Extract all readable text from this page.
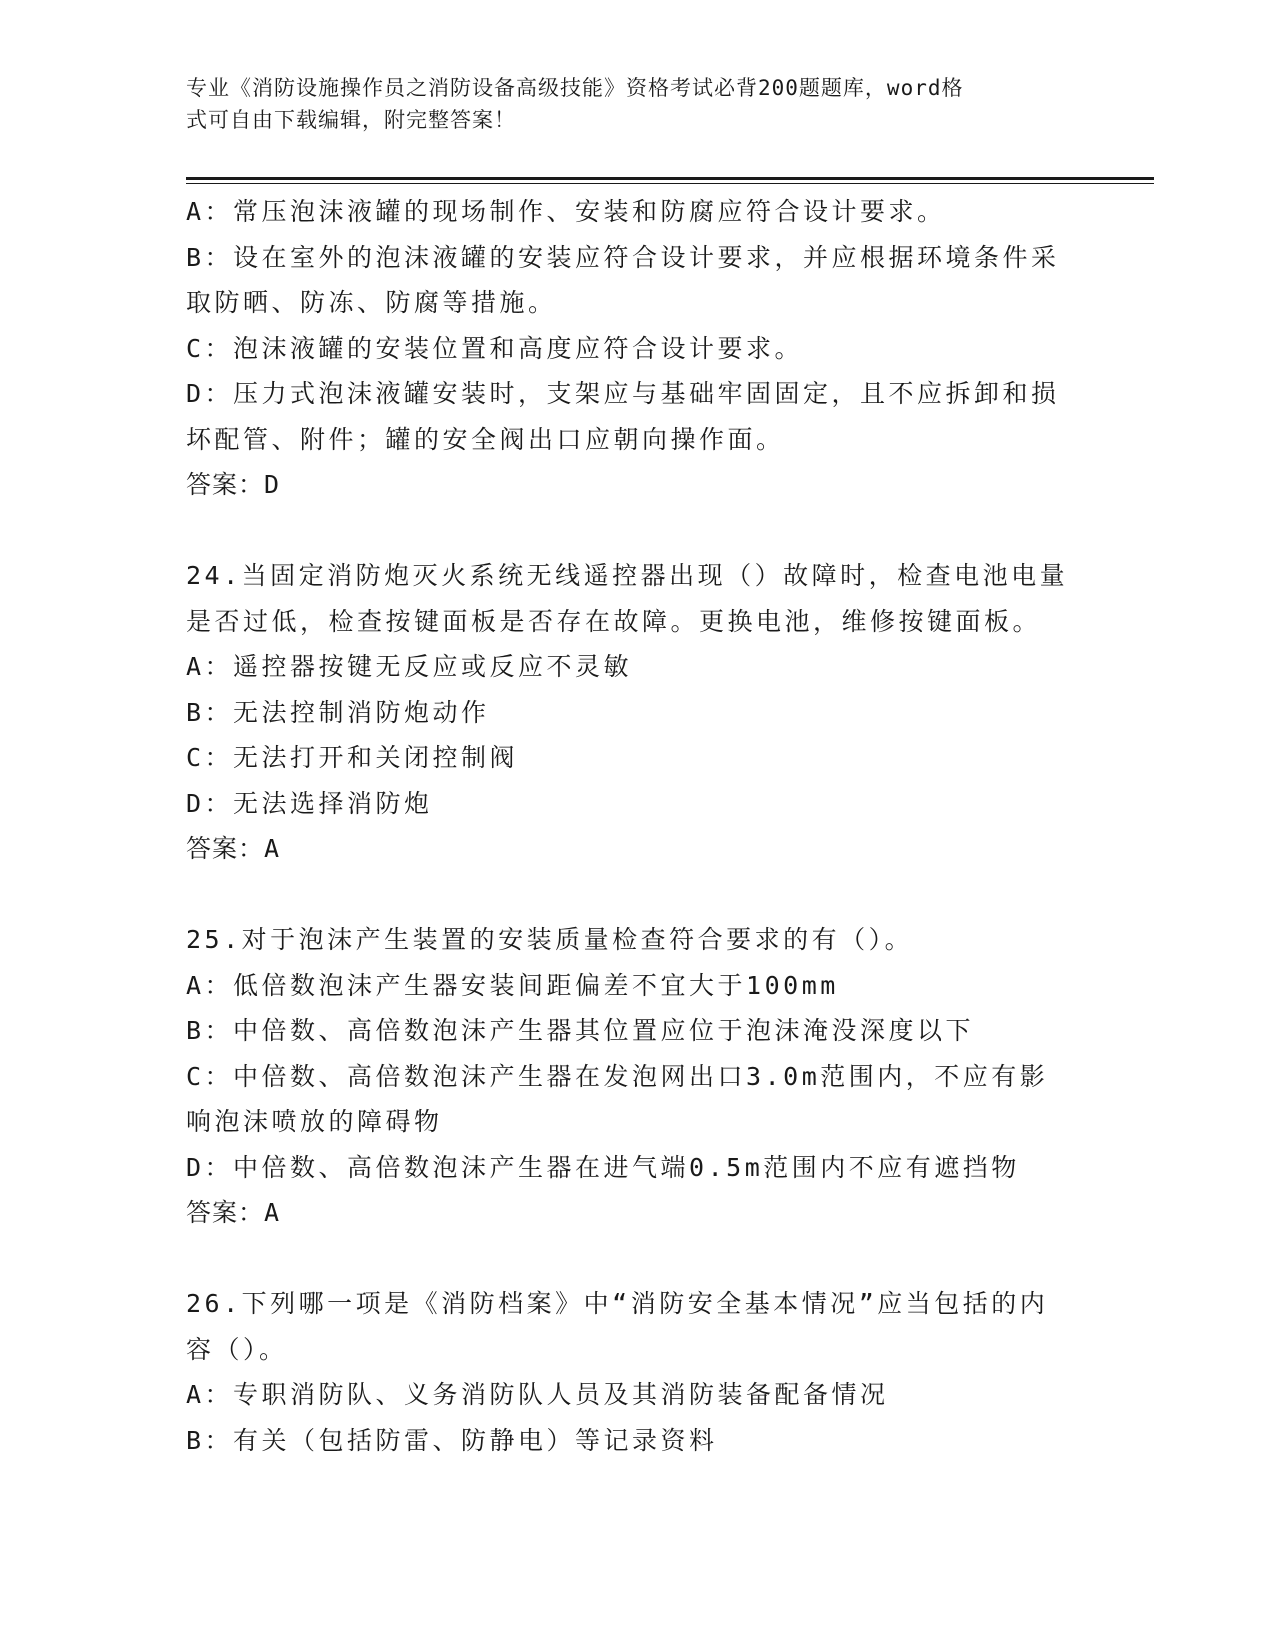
专业《消防设施操作员之消防设备高级技能》资格考试必背200题题库，word格
式可自由下载编辑，附完整答案！
A：常压泡沫液罐的现场制作、安装和防腐应符合设计要求。
B：设在室外的泡沫液罐的安装应符合设计要求，并应根据环境条件采
取防晒、防冻、防腐等措施。
C：泡沫液罐的安装位置和高度应符合设计要求。
D：压力式泡沫液罐安装时，支架应与基础牢固固定，且不应拆卸和损
坏配管、附件；罐的安全阀出口应朝向操作面。
答案：D
24.当固定消防炮灭火系统无线遥控器出现（）故障时，检查电池电量
是否过低，检查按键面板是否存在故障。更换电池，维修按键面板。
A：遥控器按键无反应或反应不灵敏
B：无法控制消防炮动作
C：无法打开和关闭控制阀
D：无法选择消防炮
答案：A
25.对于泡沫产生装置的安装质量检查符合要求的有（）。
A：低倍数泡沫产生器安装间距偏差不宜大于100mm
B：中倍数、高倍数泡沫产生器其位置应位于泡沫淹没深度以下
C：中倍数、高倍数泡沫产生器在发泡网出口3.0m范围内，不应有影
响泡沫喷放的障碍物
D：中倍数、高倍数泡沫产生器在进气端0.5m范围内不应有遮挡物
答案：A
26.下列哪一项是《消防档案》中“消防安全基本情况”应当包括的内
容（）。
A：专职消防队、义务消防队人员及其消防装备配备情况
B：有关（包括防雷、防静电）等记录资料
